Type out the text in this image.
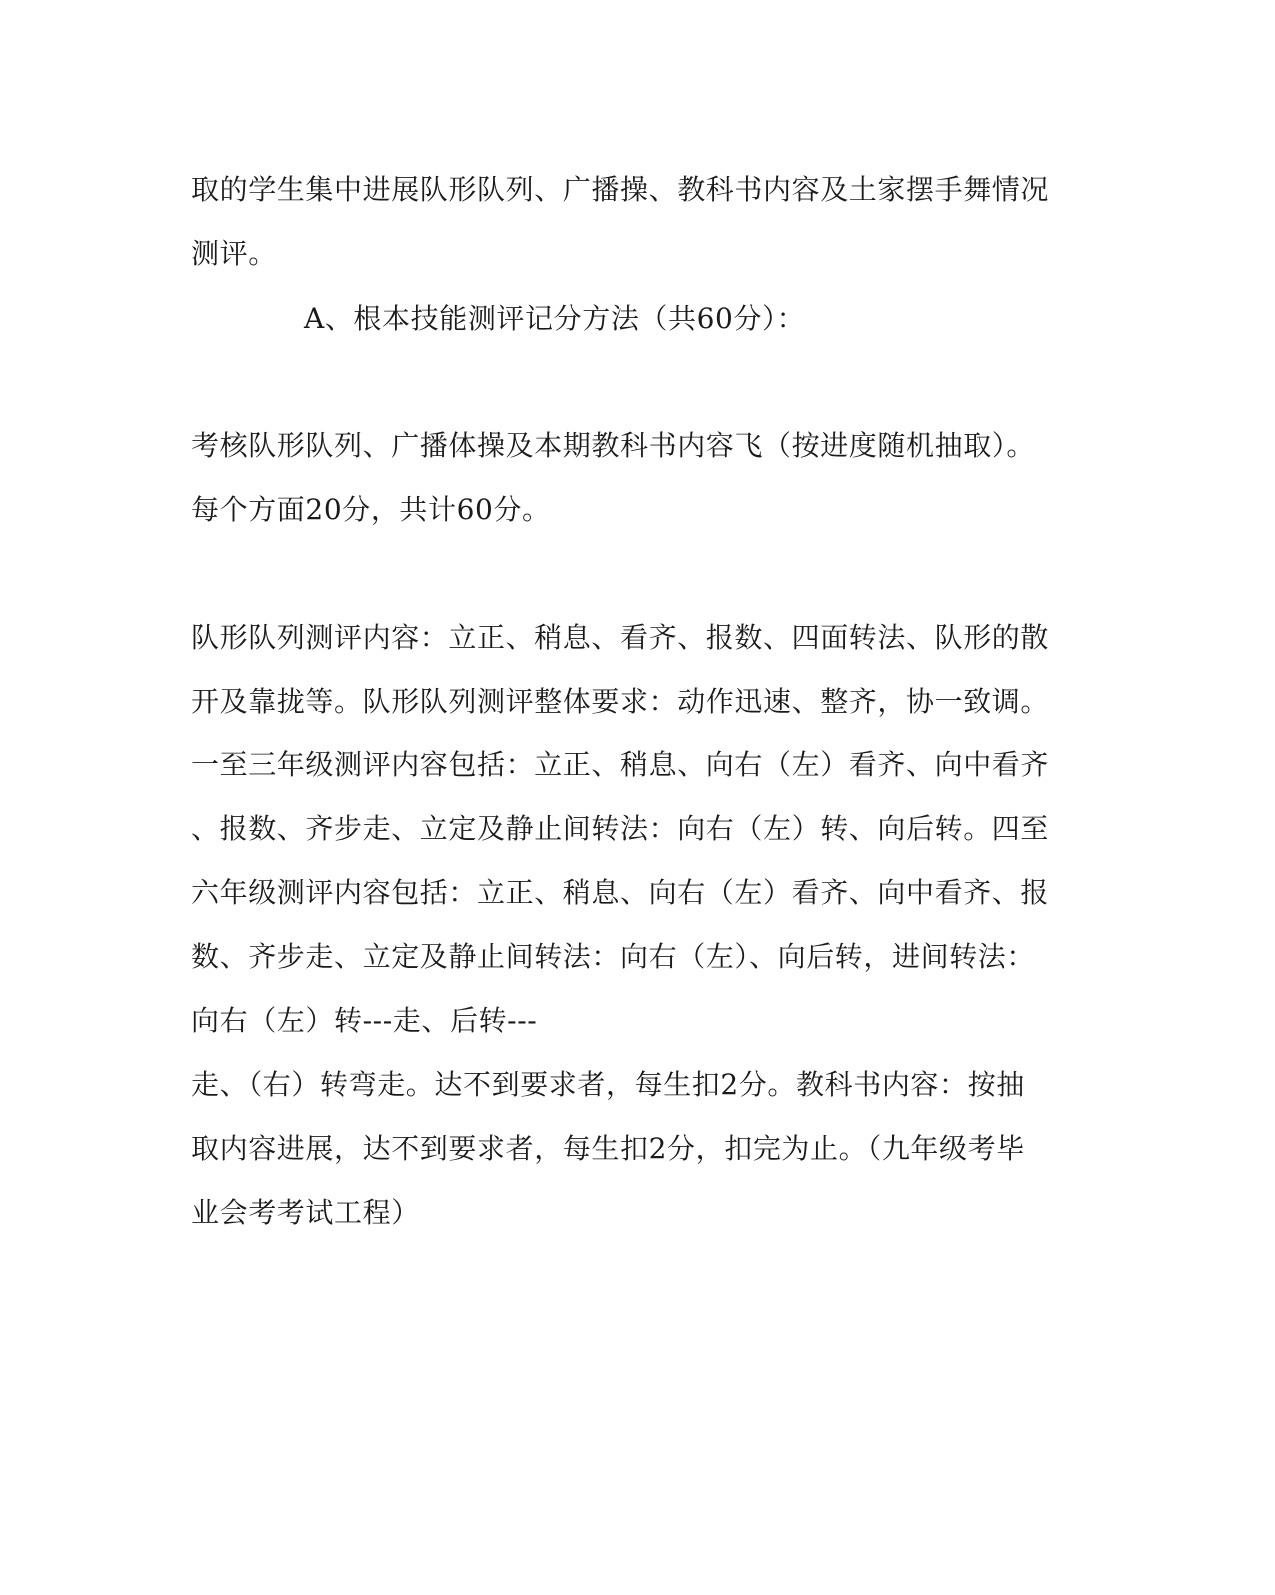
取的学生集中进展队形队列、广播操、教科书内容及土家摆手舞情况
测评。
A、根本技能测评记分方法（共60分）：
考核队形队列、广播体操及本期教科书内容飞（按进度随机抽取）。
每个方面20分，共计60分。
队形队列测评内容：立正、稍息、看齐、报数、四面转法、队形的散
开及靠拢等。队形队列测评整体要求：动作迅速、整齐，协一致调。
一至三年级测评内容包括：立正、稍息、向右（左）看齐、向中看齐
、报数、齐步走、立定及静止间转法：向右（左）转、向后转。四至
六年级测评内容包括：立正、稍息、向右（左）看齐、向中看齐、报
数、齐步走、立定及静止间转法：向右（左）、向后转，进间转法：
向右（左）转---走、后转---
走、（右）转弯走。达不到要求者，每生扣2分。教科书内容：按抽
取内容进展，达不到要求者，每生扣2分，扣完为止。（九年级考毕
业会考考试工程）
